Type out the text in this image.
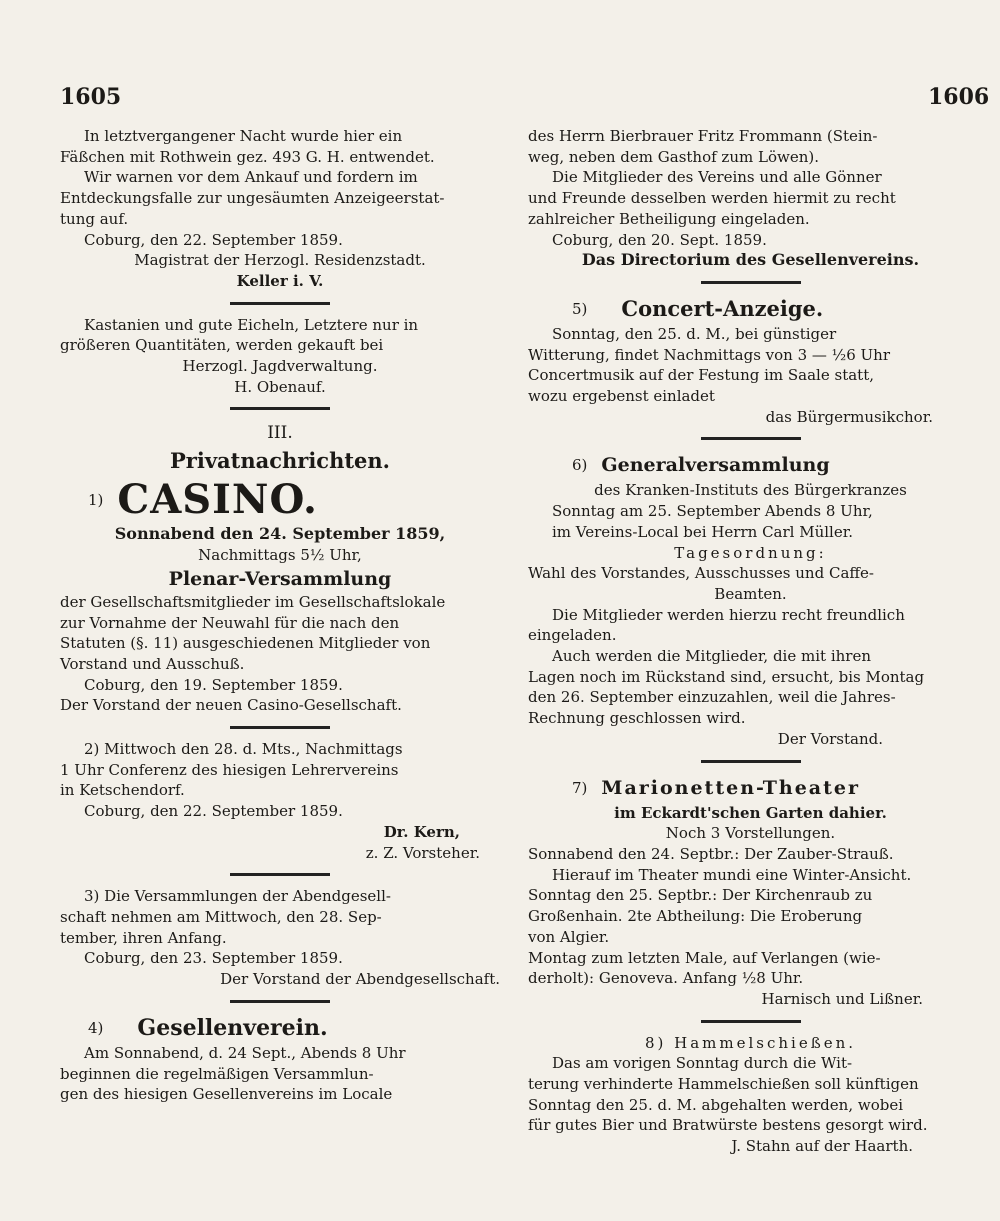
1605	1606

In letztvergangener Nacht wurde hier ein

Fäßchen mit Rothwein gez. 493 G. H. entwendet.

Wir warnen vor dem Ankauf und fordern im

Entdeckungsfalle zur ungesäumten Anzeigeerstat-

tung auf.

Coburg, den 22. September 1859.

Magistrat der Herzogl. Residenzstadt.

Keller i. V.

Kastanien und gute Eicheln, Letztere nur in

größeren Quantitäten, werden gekauft bei

Herzogl. Jagdverwaltung.

H. Obenauf.

III.

Privatnachrichten.

1) CASINO.

Sonnabend den 24. September 1859,

Nachmittags 5½ Uhr,

Plenar-Versammlung

der Gesellschaftsmitglieder im Gesellschaftslokale

zur Vornahme der Neuwahl für die nach den

Statuten (§. 11) ausgeschiedenen Mitglieder von

Vorstand und Ausschuß.

Coburg, den 19. September 1859.

Der Vorstand der neuen Casino-Gesellschaft.

2) Mittwoch den 28. d. Mts., Nachmittags

1 Uhr Conferenz des hiesigen Lehrervereins

in Ketschendorf.

Coburg, den 22. September 1859.

Dr. Kern,

z. Z. Vorsteher.

3) Die Versammlungen der Abendgesell-

schaft nehmen am Mittwoch, den 28. Sep-

tember, ihren Anfang.

Coburg, den 23. September 1859.

Der Vorstand der Abendgesellschaft.

4) Gesellenverein.

Am Sonnabend, d. 24 Sept., Abends 8 Uhr

beginnen die regelmäßigen Versammlun-

gen des hiesigen Gesellenvereins im Locale

des Herrn Bierbrauer Fritz Frommann (Stein-

weg, neben dem Gasthof zum Löwen).

Die Mitglieder des Vereins und alle Gönner

und Freunde desselben werden hiermit zu recht

zahlreicher Betheiligung eingeladen.

Coburg, den 20. Sept. 1859.

Das Directorium des Gesellenvereins.

5) Concert-Anzeige.

Sonntag, den 25. d. M., bei günstiger

Witterung, findet Nachmittags von 3 — ½6 Uhr

Concertmusik auf der Festung im Saale statt,

wozu ergebenst einladet

das Bürgermusikchor.

6) Generalversammlung

des Kranken-Instituts des Bürgerkranzes

Sonntag am 25. September Abends 8 Uhr,

im Vereins-Local bei Herrn Carl Müller.

Tagesordnung:

Wahl des Vorstandes, Ausschusses und Caffe-

Beamten.

Die Mitglieder werden hierzu recht freundlich

eingeladen.

Auch werden die Mitglieder, die mit ihren

Lagen noch im Rückstand sind, ersucht, bis Montag

den 26. September einzuzahlen, weil die Jahres-

Rechnung geschlossen wird.

Der Vorstand.

7) Marionetten-Theater

im Eckardt'schen Garten dahier.

Noch 3 Vorstellungen.

Sonnabend den 24. Septbr.: Der Zauber-Strauß.

Hierauf im Theater mundi eine Winter-Ansicht.

Sonntag den 25. Septbr.: Der Kirchenraub zu

Großenhain. 2te Abtheilung: Die Eroberung

von Algier.

Montag zum letzten Male, auf Verlangen (wie-

derholt): Genoveva. Anfang ½8 Uhr.

Harnisch und Lißner.

8) Hammelschießen.

Das am vorigen Sonntag durch die Wit-

terung verhinderte Hammelschießen soll künftigen

Sonntag den 25. d. M. abgehalten werden, wobei

für gutes Bier und Bratwürste bestens gesorgt wird.

J. Stahn auf der Haarth.
